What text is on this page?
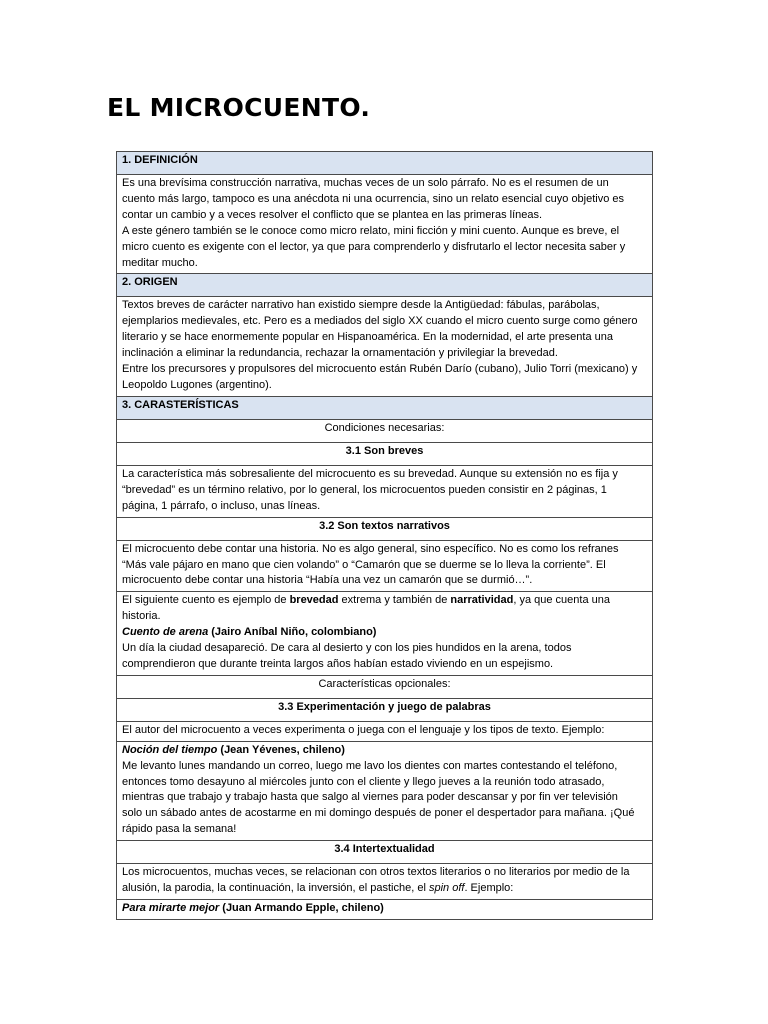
EL MICROCUENTO.
1. DEFINICIÓN

Es una brevísima construcción narrativa, muchas veces de un solo párrafo. No es el resumen de un
cuento más largo, tampoco es una anécdota ni una ocurrencia, sino un relato esencial cuyo objetivo es
contar un cambio y a veces resolver el conflicto que se plantea en las primeras líneas.
A este género también se le conoce como micro relato, mini ficción y mini cuento. Aunque es breve, el
micro cuento es exigente con el lector, ya que para comprenderlo y disfrutarlo el lector necesita saber y
meditar mucho.

2. ORIGEN

Textos breves de carácter narrativo han existido siempre desde la Antigüedad: fábulas, parábolas,
ejemplarios medievales, etc. Pero es a mediados del siglo XX cuando el micro cuento surge como género
literario y se hace enormemente popular en Hispanoamérica. En la modernidad, el arte presenta una
inclinación a eliminar la redundancia, rechazar la ornamentación y privilegiar la brevedad.
Entre los precursores y propulsores del microcuento están Rubén Darío (cubano), Julio Torri (mexicano) y
Leopoldo Lugones (argentino).

3. CARASTERÍSTICAS
Condiciones necesarias:
3.1 Son breves

La característica más sobresaliente del microcuento es su brevedad. Aunque su extensión no es fija y
“brevedad” es un término relativo, por lo general, los microcuentos pueden consistir en 2 páginas, 1
página, 1 párrafo, o incluso, unas líneas.

3.2 Son textos narrativos

El microcuento debe contar una historia. No es algo general, sino específico. No es como los refranes
“Más vale pájaro en mano que cien volando” o “Camarón que se duerme se lo lleva la corriente”. El
microcuento debe contar una historia “Había una vez un camarón que se durmió…”.

El siguiente cuento es ejemplo de brevedad extrema y también de narratividad, ya que cuenta una
historia.
Cuento de arena (Jairo Aníbal Niño, colombiano)
Un día la ciudad desapareció. De cara al desierto y con los pies hundidos en la arena, todos
comprendieron que durante treinta largos años habían estado viviendo en un espejismo.

Características opcionales:
3.3 Experimentación y juego de palabras
El autor del microcuento a veces experimenta o juega con el lenguaje y los tipos de texto. Ejemplo:

Noción del tiempo (Jean Yévenes, chileno)
Me levanto lunes mandando un correo, luego me lavo los dientes con martes contestando el teléfono,
entonces tomo desayuno al miércoles junto con el cliente y llego jueves a la reunión todo atrasado,
mientras que trabajo y trabajo hasta que salgo al viernes para poder descansar y por fin ver televisión
solo un sábado antes de acostarme en mi domingo después de poner el despertador para mañana. ¡Qué
rápido pasa la semana!

3.4 Intertextualidad

Los microcuentos, muchas veces, se relacionan con otros textos literarios o no literarios por medio de la
alusión, la parodia, la continuación, la inversión, el pastiche, el spin off. Ejemplo:

Para mirarte mejor (Juan Armando Epple, chileno)
